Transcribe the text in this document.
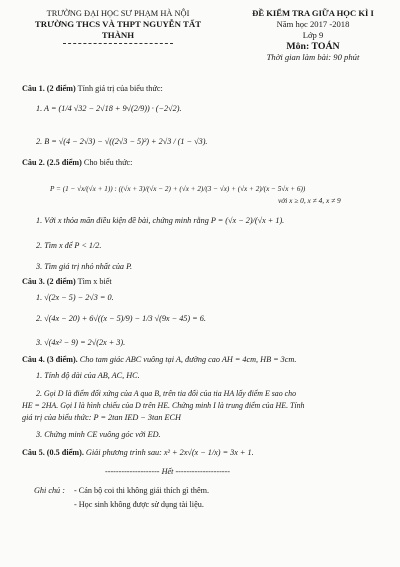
TRƯỜNG ĐẠI HỌC SƯ PHẠM HÀ NỘI
TRƯỜNG THCS VÀ THPT NGUYỄN TẤT THÀNH
ĐỀ KIỂM TRA GIỮA HỌC KÌ I
Năm học 2017 -2018
Lớp 9
Môn: TOÁN
Thời gian làm bài: 90 phút
Câu 1. (2 điểm) Tính giá trị của biểu thức:
1. A = (1/4 √32 − 2√18 + 9√(2/9)) · (−2√2).
2. B = √(4 − 2√3) − √((2√3 − 5)²) + 2√3 / (1 − √3).
Câu 2. (2.5 điểm) Cho biểu thức:
P = (1 − √x/(√x + 1)) : ((√x + 3)/(√x − 2) + (√x + 2)/(3 − √x) + (√x + 2)/(x − 5√x + 6))
với x ≥ 0, x ≠ 4, x ≠ 9
1. Với x thỏa mãn điều kiện đề bài, chứng minh rằng P = (√x − 2)/(√x + 1).
2. Tìm x để P < 1/2.
3. Tìm giá trị nhỏ nhất của P.
Câu 3. (2 điểm) Tìm x biết
1. √(2x − 5) − 2√3 = 0.
2. √(4x − 20) + 6√((x − 5)/9) − 1/3 √(9x − 45) = 6.
3. √(4x² − 9) = 2√(2x + 3).
Câu 4. (3 điểm). Cho tam giác ABC vuông tại A, đường cao AH = 4cm, HB = 3cm.
1. Tính độ dài của AB, AC, HC.
2. Gọi D là điểm đối xứng của A qua B, trên tia đối của tia HA lấy điểm E sao cho
HE = 2HA. Gọi I là hình chiếu của D trên HE. Chứng minh I là trung điểm của HE. Tính
giá trị của biểu thức: P = 2tan IED − 3tan ECH
3. Chứng minh CE vuông góc với ED.
Câu 5. (0.5 điểm). Giải phương trình sau: x² + 2x√(x − 1/x) = 3x + 1.
-------------------- Hết --------------------
Ghi chú : - Cán bộ coi thi không giải thích gì thêm.
- Học sinh không được sử dụng tài liệu.
